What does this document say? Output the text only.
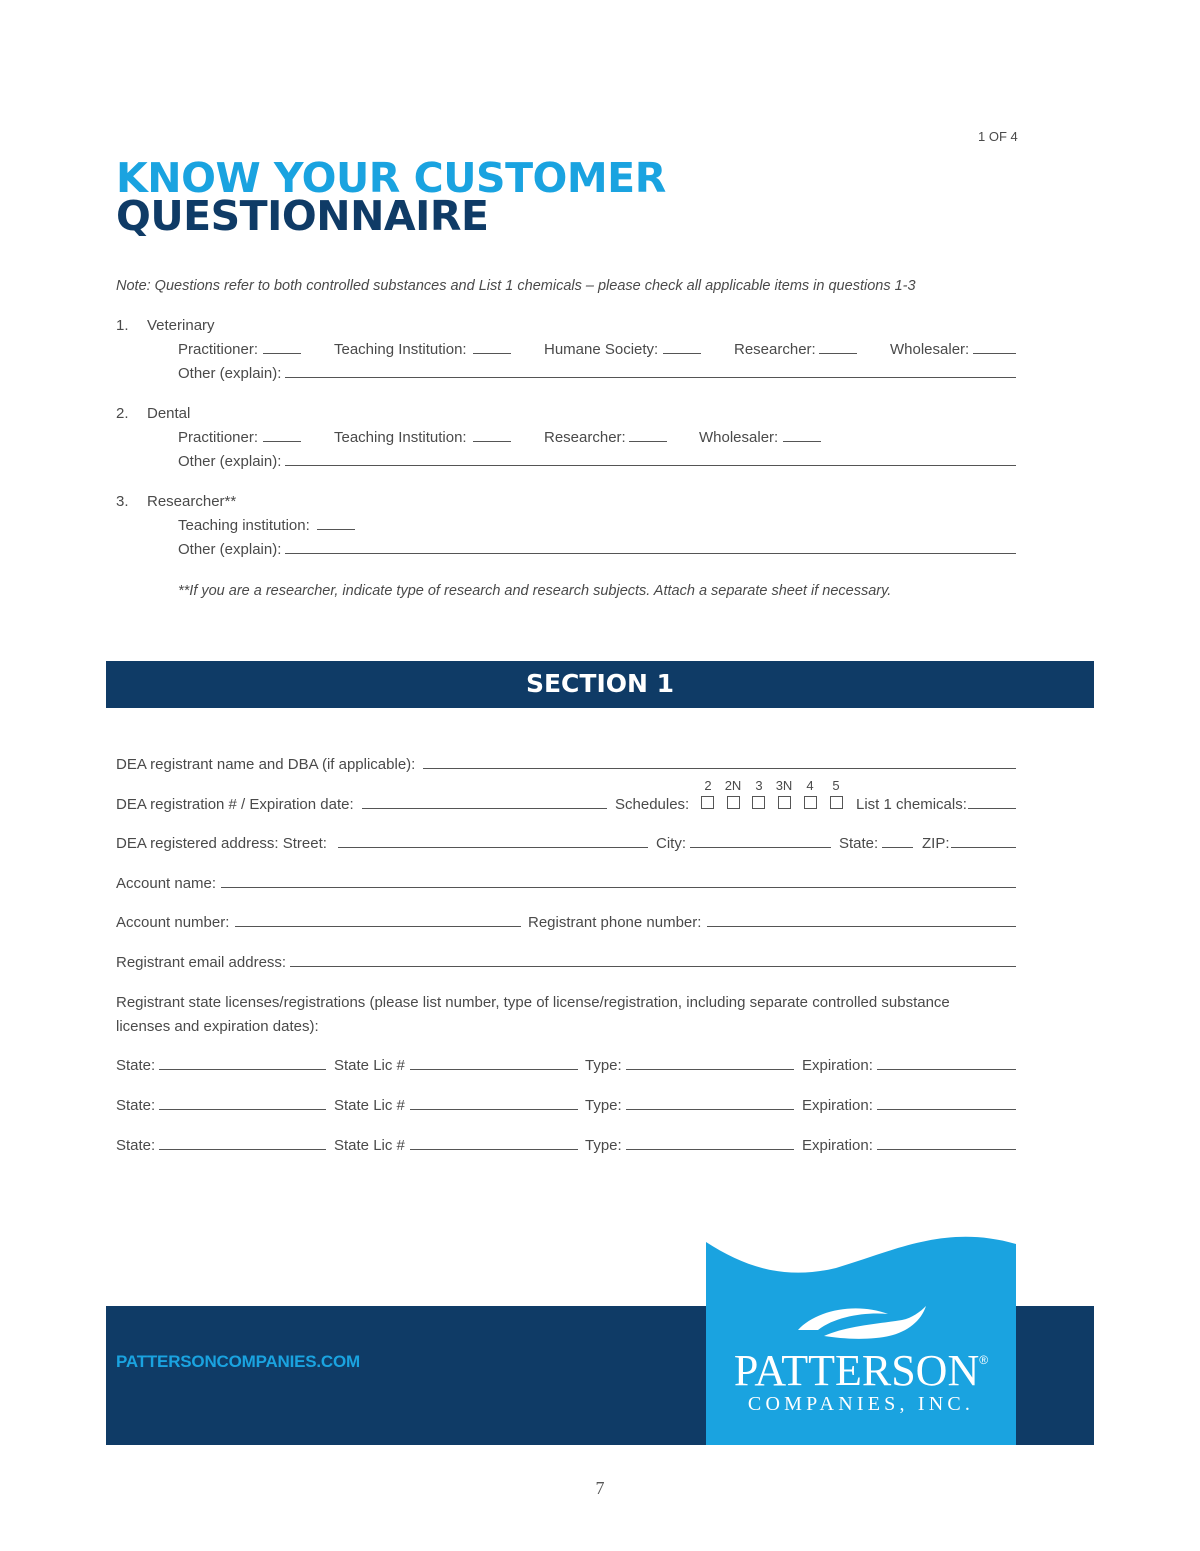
1 OF 4
KNOW YOUR CUSTOMER
QUESTIONNAIRE
Note: Questions refer to both controlled substances and List 1 chemicals – please check all applicable items in questions 1-3
1. Veterinary
Practitioner:	Teaching Institution:	Humane Society:	Researcher:	Wholesaler:
Other (explain):
2. Dental
Practitioner:	Teaching Institution:	Researcher:	Wholesaler:
Other (explain):
3. Researcher**
Teaching institution:
Other (explain):
**If you are a researcher, indicate type of research and research subjects. Attach a separate sheet if necessary.
SECTION 1
DEA registrant name and DBA (if applicable):
DEA registration # / Expiration date:	Schedules:
2	2N	3	3N	4	5
List 1 chemicals:
DEA registered address: Street:	City:	State:	ZIP:
Account name:
Account number:	Registrant phone number:
Registrant email address:
Registrant state licenses/registrations (please list number, type of license/registration, including separate controlled substance
licenses and expiration dates):
State:	State Lic #	Type:	Expiration:
State:	State Lic #	Type:	Expiration:
State:	State Lic #	Type:	Expiration:
PATTERSONCOMPANIES.COM	PATTERSON®
COMPANIES, INC.
7
